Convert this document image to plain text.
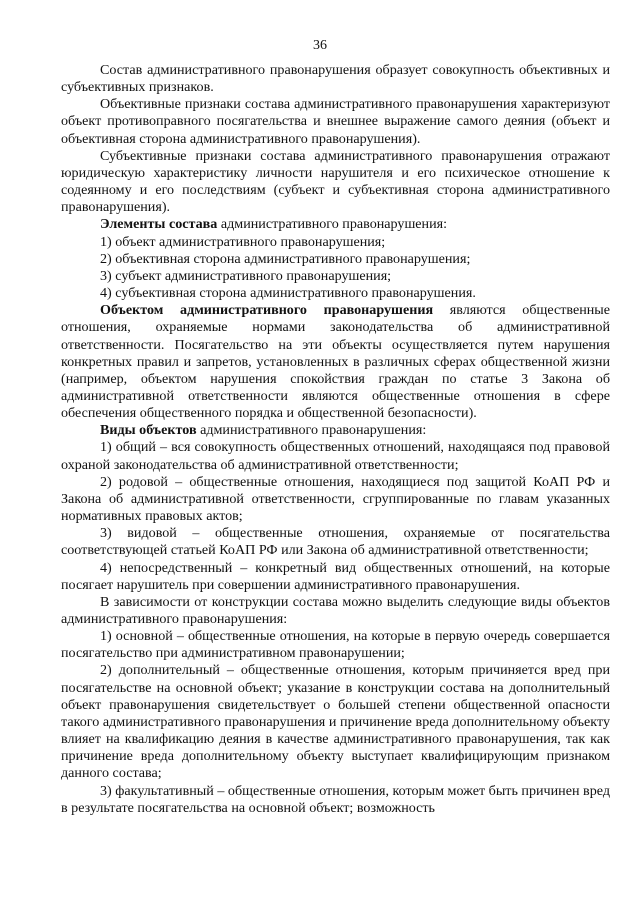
36

Состав административного правонарушения образует совокупность объективных и субъективных признаков.

Объективные признаки состава административного правонарушения характеризуют объект противоправного посягательства и внешнее выражение самого деяния (объект и объективная сторона административного правонарушения).

Субъективные признаки состава административного правонарушения отражают юридическую характеристику личности нарушителя и его психическое отношение к содеянному и его последствиям (субъект и субъективная сторона административного правонарушения).

Элементы состава административного правонарушения:

1) объект административного правонарушения;

2) объективная сторона административного правонарушения;

3) субъект административного правонарушения;

4) субъективная сторона административного правонарушения.

Объектом административного правонарушения являются общественные отношения, охраняемые нормами законодательства об административной ответственности. Посягательство на эти объекты осуществляется путем нарушения конкретных правил и запретов, установленных в различных сферах общественной жизни (например, объектом нарушения спокойствия граждан по статье 3 Закона об административной ответственности являются общественные отношения в сфере обеспечения общественного порядка и общественной безопасности).

Виды объектов административного правонарушения:

1) общий – вся совокупность общественных отношений, находящаяся под правовой охраной законодательства об административной ответственности;

2) родовой – общественные отношения, находящиеся под защитой КоАП РФ и Закона об административной ответственности, сгруппированные по главам указанных нормативных правовых актов;

3) видовой – общественные отношения, охраняемые от посягательства соответствующей статьей КоАП РФ или Закона об административной ответственности;

4) непосредственный – конкретный вид общественных отношений, на которые посягает нарушитель при совершении административного правонарушения.

В зависимости от конструкции состава можно выделить следующие виды объектов административного правонарушения:

1) основной – общественные отношения, на которые в первую очередь совершается посягательство при административном правонарушении;

2) дополнительный – общественные отношения, которым причиняется вред при посягательстве на основной объект; указание в конструкции состава на дополнительный объект правонарушения свидетельствует о большей степени общественной опасности такого административного правонарушения и причинение вреда дополнительному объекту влияет на квалификацию деяния в качестве административного правонарушения, так как причинение вреда дополнительному объекту выступает квалифицирующим признаком данного состава;

3) факультативный – общественные отношения, которым может быть причинен вред в результате посягательства на основной объект; возможность
